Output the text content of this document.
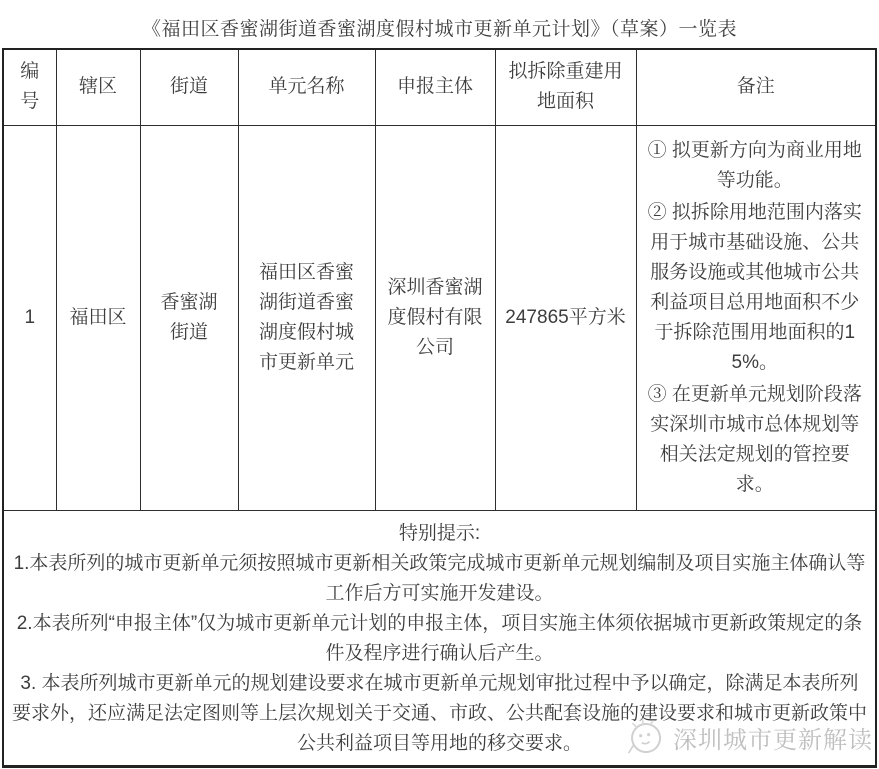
《福田区香蜜湖街道香蜜湖度假村城市更新单元计划》（草案）一览表
编号	辖区	街道	单元名称	申报主体	拟拆除重建用地面积	备注
1	福田区	香蜜湖街道	福田区香蜜湖街道香蜜湖度假村城市更新单元	深圳香蜜湖度假村有限公司	247865平方米	① 拟更新方向为商业用地等功能。

② 拟拆除用地范围内落实用于城市基础设施、公共服务设施或其他城市公共利益项目总用地面积不少于拆除范围用地面积的15%。

③ 在更新单元规划阶段落实深圳市城市总体规划等相关法定规划的管控要求。

特别提示:

1.本表所列的城市更新单元须按照城市更新相关政策完成城市更新单元规划编制及项目实施主体确认等工作后方可实施开发建设。

2.本表所列“申报主体”仅为城市更新单元计划的申报主体，项目实施主体须依据城市更新政策规定的条件及程序进行确认后产生。

3. 本表所列城市更新单元的规划建设要求在城市更新单元规划审批过程中予以确定，除满足本表所列要求外，还应满足法定图则等上层次规划关于交通、市政、公共配套设施的建设要求和城市更新政策中公共利益项目等用地的移交要求。							深圳城市更新解读
